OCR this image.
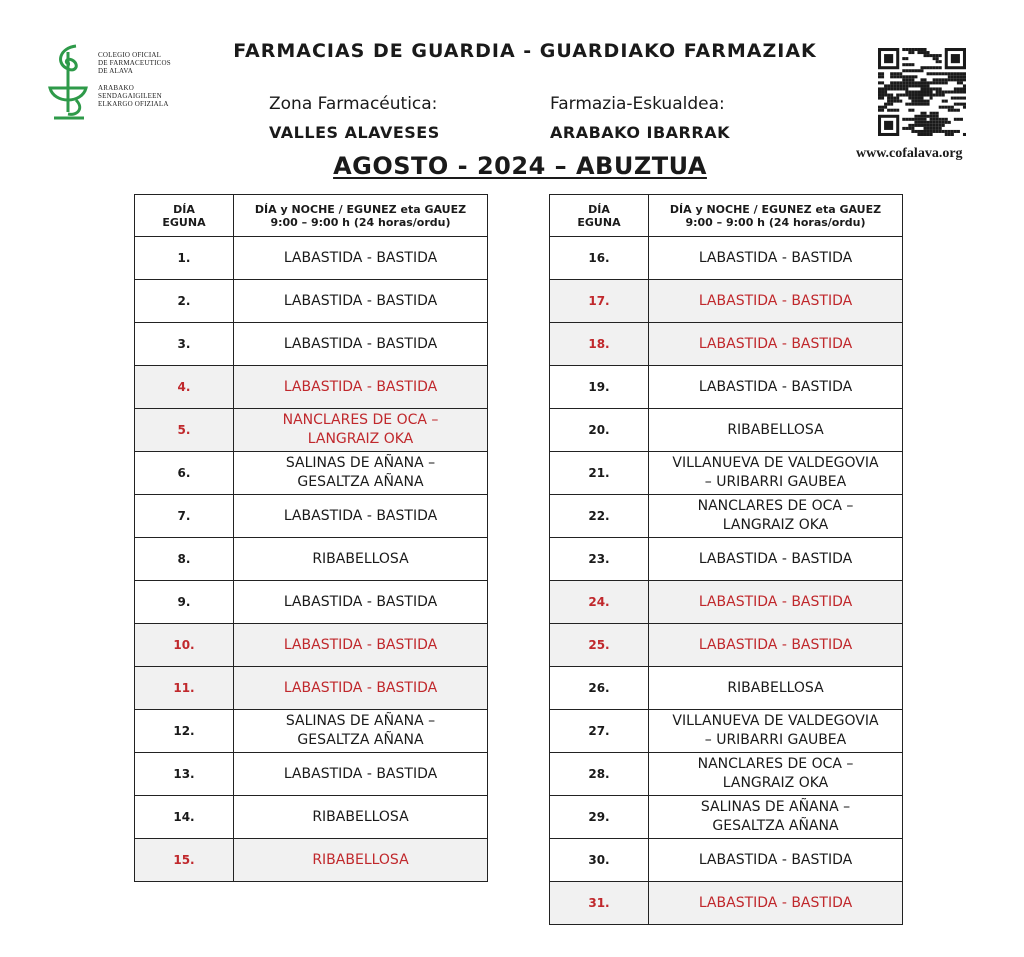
COLEGIO OFICIAL
DE FARMACEUTICOS
DE ALAVA
ARABAKO
SENDAGAIGILEEN
ELKARGO OFIZIALA
FARMACIAS DE GUARDIA - GUARDIAKO FARMAZIAK
Zona Farmacéutica:
VALLES ALAVESES
Farmazia-Eskualdea:
ARABAKO IBARRAK
AGOSTO - 2024 – ABUZTUA	www.cofalava.org
DÍA
EGUNA	DÍA y NOCHE / EGUNEZ eta GAUEZ
9:00 – 9:00 h (24 horas/ordu)

1.	LABASTIDA - BASTIDA
2.	LABASTIDA - BASTIDA
3.	LABASTIDA - BASTIDA
4.	LABASTIDA - BASTIDA
5.	NANCLARES DE OCA –
LANGRAIZ OKA
6.	SALINAS DE AÑANA –
GESALTZA AÑANA
7.	LABASTIDA - BASTIDA
8.	RIBABELLOSA
9.	LABASTIDA - BASTIDA
10.	LABASTIDA - BASTIDA
11.	LABASTIDA - BASTIDA
12.	SALINAS DE AÑANA –
GESALTZA AÑANA
13.	LABASTIDA - BASTIDA
14.	RIBABELLOSA
15.	RIBABELLOSA
DÍA
EGUNA	DÍA y NOCHE / EGUNEZ eta GAUEZ
9:00 – 9:00 h (24 horas/ordu)

16.	LABASTIDA - BASTIDA
17.	LABASTIDA - BASTIDA
18.	LABASTIDA - BASTIDA
19.	LABASTIDA - BASTIDA
20.	RIBABELLOSA
21.	VILLANUEVA DE VALDEGOVIA
– URIBARRI GAUBEA
22.	NANCLARES DE OCA –
LANGRAIZ OKA
23.	LABASTIDA - BASTIDA
24.	LABASTIDA - BASTIDA
25.	LABASTIDA - BASTIDA
26.	RIBABELLOSA
27.	VILLANUEVA DE VALDEGOVIA
– URIBARRI GAUBEA
28.	NANCLARES DE OCA –
LANGRAIZ OKA
29.	SALINAS DE AÑANA –
GESALTZA AÑANA
30.	LABASTIDA - BASTIDA
31.	LABASTIDA - BASTIDA
